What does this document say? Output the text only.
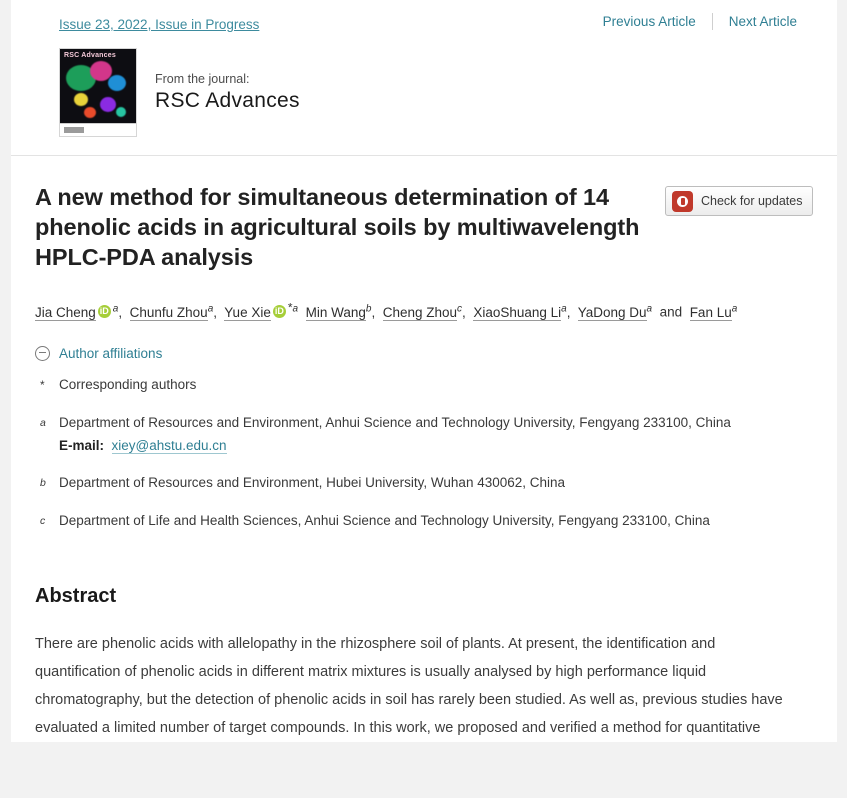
Issue 23, 2022, Issue in Progress	Previous Article	Next Article
RSC Advances
From the journal:
RSC Advances
A new method for simultaneous determination of 14 phenolic acids in agricultural soils by multiwavelength HPLC-PDA analysis
Check for updates
Jia Cheng iD $^a$,  Chunfu Zhou$^a$,  Yue Xie iD *$^a$ Min Wang$^b$,  Cheng Zhou$^c$,  XiaoShuang Li$^a$,  YaDong Du$^a$ and Fan Lu$^a$
Author affiliations
*	Corresponding authors
a Department of Resources and Environment, Anhui Science and Technology University, Fengyang 233100, China
E-mail: xiey@ahstu.edu.cn
b Department of Resources and Environment, Hubei University, Wuhan 430062, China
c	Department of Life and Health Sciences, Anhui Science and Technology University, Fengyang 233100, China
Abstract
There are phenolic acids with allelopathy in the rhizosphere soil of plants. At present, the identification and quantification of phenolic acids in different matrix mixtures is usually analysed by high performance liquid chromatography, but the detection of phenolic acids in soil has rarely been studied. As well as, previous studies have evaluated a limited number of target compounds. In this work, we proposed and verified a method for quantitative
